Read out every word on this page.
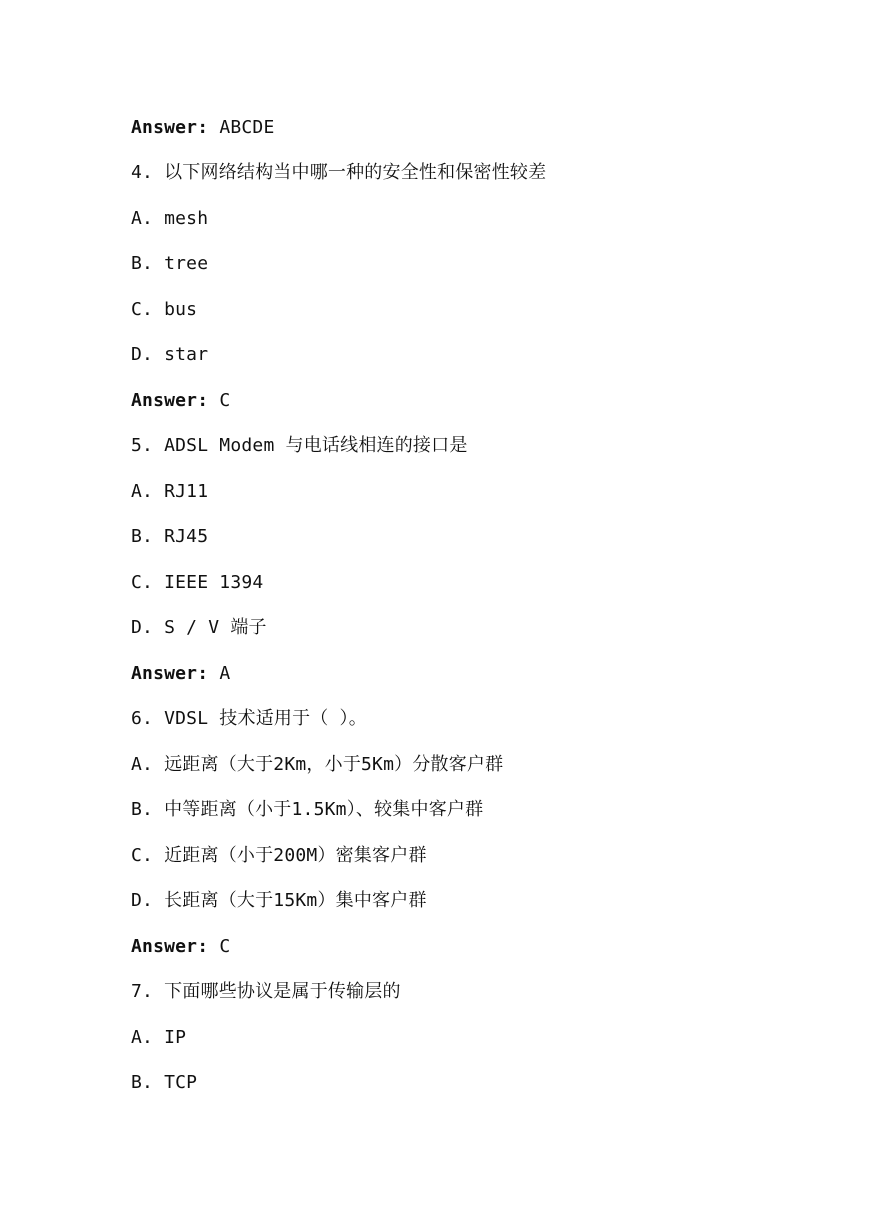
Answer: ABCDE
4. 以下网络结构当中哪一种的安全性和保密性较差
A. mesh
B. tree
C. bus
D. star
Answer: C
5. ADSL Modem 与电话线相连的接口是
A. RJ11
B. RJ45
C. IEEE 1394
D. S / V 端子
Answer: A
6. VDSL 技术适用于（ ）。
A. 远距离（大于2Km，小于5Km）分散客户群
B. 中等距离（小于1.5Km）、较集中客户群
C. 近距离（小于200M）密集客户群
D. 长距离（大于15Km）集中客户群
Answer: C
7. 下面哪些协议是属于传输层的
A. IP
B. TCP
